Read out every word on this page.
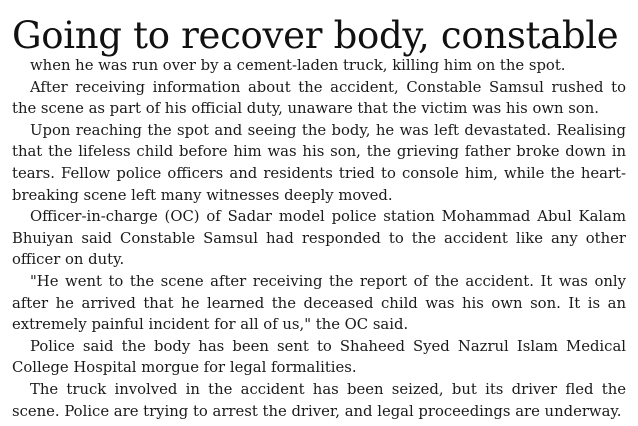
Going to recover body, constable

when he was run over by a cement-laden truck, killing him on the spot.

After receiving information about the accident, Constable Samsul rushed to the scene as part of his official duty, unaware that the victim was his own son.

Upon reaching the spot and seeing the body, he was left devastated. Realising that the lifeless child before him was his son, the grieving father broke down in tears. Fellow police officers and residents tried to console him, while the heart-breaking scene left many witnesses deeply moved.

Officer-in-charge (OC) of Sadar model police station Mohammad Abul Kalam Bhuiyan said Constable Samsul had responded to the accident like any other officer on duty.

"He went to the scene after receiving the report of the accident. It was only after he arrived that he learned the deceased child was his own son. It is an extremely painful incident for all of us," the OC said.

Police said the body has been sent to Shaheed Syed Nazrul Islam Medical College Hospital morgue for legal formalities.

The truck involved in the accident has been seized, but its driver fled the scene. Police are trying to arrest the driver, and legal proceedings are underway.
